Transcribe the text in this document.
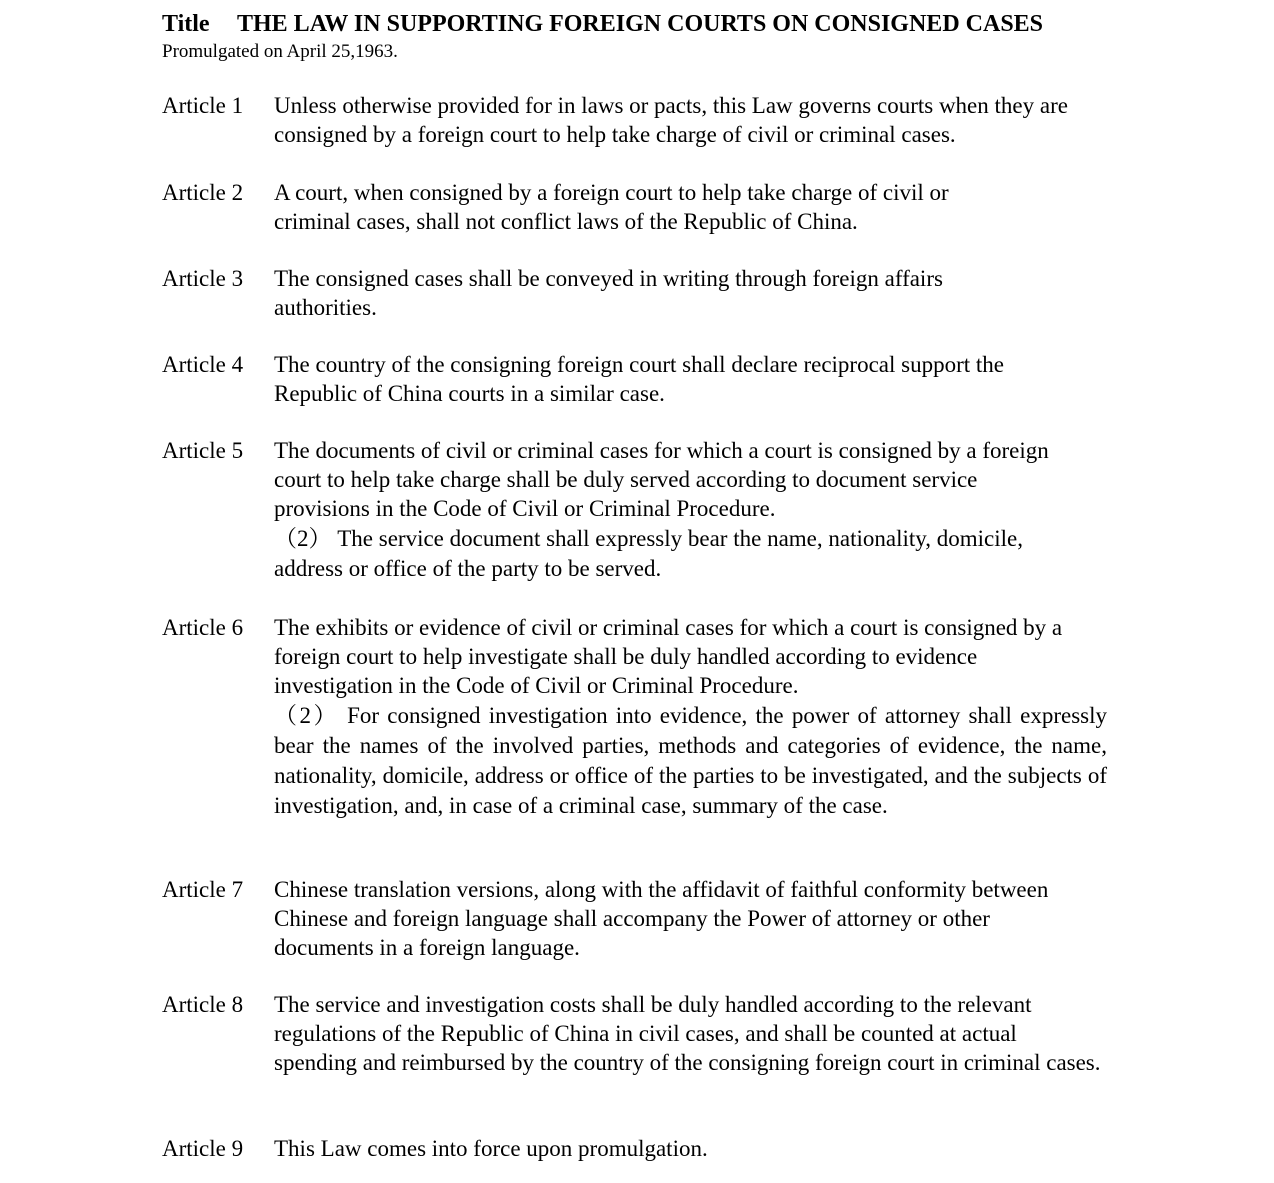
Title THE LAW IN SUPPORTING FOREIGN COURTS ON CONSIGNED CASES
Promulgated on April 25,1963.
Article 1	Unless otherwise provided for in laws or pacts, this Law governs courts when they are consigned by a foreign court to help take charge of civil or criminal cases.

Article 2	A court, when consigned by a foreign court to help take charge of civil or criminal cases, shall not conflict laws of the Republic of China.

Article 3	The consigned cases shall be conveyed in writing through foreign affairs authorities.

Article 4	The country of the consigning foreign court shall declare reciprocal support the Republic of China courts in a similar case.

Article 5	The documents of civil or criminal cases for which a court is consigned by a foreign court to help take charge shall be duly served according to document service provisions in the Code of Civil or Criminal Procedure.

（2） The service document shall expressly bear the name, nationality, domicile, address or office of the party to be served.

Article 6	The exhibits or evidence of civil or criminal cases for which a court is consigned by a foreign court to help investigate shall be duly handled according to evidence investigation in the Code of Civil or Criminal Procedure.

（2） For consigned investigation into evidence, the power of attorney shall expressly bear the names of the involved parties, methods and categories of evidence, the name, nationality, domicile, address or office of the parties to be investigated, and the subjects of investigation, and, in case of a criminal case, summary of the case.

Article 7	Chinese translation versions, along with the affidavit of faithful conformity between Chinese and foreign language shall accompany the Power of attorney or other documents in a foreign language.

Article 8	The service and investigation costs shall be duly handled according to the relevant regulations of the Republic of China in civil cases, and shall be counted at actual spending and reimbursed by the country of the consigning foreign court in criminal cases.

Article 9	This Law comes into force upon promulgation.
